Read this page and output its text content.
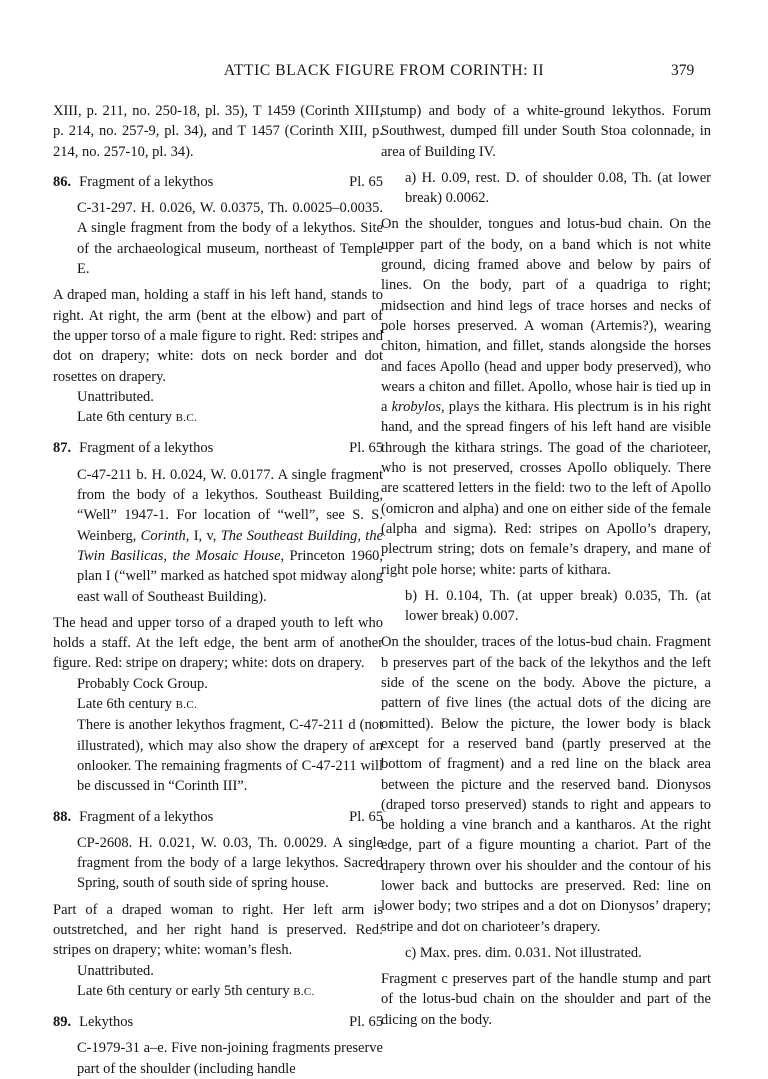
ATTIC BLACK FIGURE FROM CORINTH: II	379

XIII, p. 211, no. 250-18, pl. 35), T 1459 (Corinth XIII, p. 214, no. 257-9, pl. 34), and T 1457 (Corinth XIII, p. 214, no. 257-10, pl. 34).

86. Fragment of a lekythos	Pl. 65

C-31-297. H. 0.026, W. 0.0375, Th. 0.0025–0.0035. A single fragment from the body of a lekythos. Site of the archaeological museum, northeast of Temple E.

A draped man, holding a staff in his left hand, stands to right. At right, the arm (bent at the elbow) and part of the upper torso of a male figure to right. Red: stripes and dot on drapery; white: dots on neck border and dot rosettes on drapery.

Unattributed.

Late 6th century B.C.

87. Fragment of a lekythos	Pl. 65

C-47-211 b. H. 0.024, W. 0.0177. A single fragment from the body of a lekythos. Southeast Building, “Well” 1947-1. For location of “well”, see S. S. Weinberg, Corinth, I, v, The Southeast Building, the Twin Basilicas, the Mosaic House, Princeton 1960, plan I (“well” marked as hatched spot midway along east wall of Southeast Building).

The head and upper torso of a draped youth to left who holds a staff. At the left edge, the bent arm of another figure. Red: stripe on drapery; white: dots on drapery.

Probably Cock Group.

Late 6th century B.C.

There is another lekythos fragment, C-47-211 d (not illustrated), which may also show the drapery of an onlooker. The remaining fragments of C-47-211 will be discussed in “Corinth III”.

88. Fragment of a lekythos	Pl. 65

CP-2608. H. 0.021, W. 0.03, Th. 0.0029. A single fragment from the body of a large lekythos. Sacred Spring, south of south side of spring house.

Part of a draped woman to right. Her left arm is outstretched, and her right hand is preserved. Red: stripes on drapery; white: woman’s flesh.

Unattributed.

Late 6th century or early 5th century B.C.

89. Lekythos	Pl. 65

C-1979-31 a–e. Five non-joining fragments preserve part of the shoulder (including handle

stump) and body of a white-ground lekythos. Forum Southwest, dumped fill under South Stoa colonnade, in area of Building IV.

a) H. 0.09, rest. D. of shoulder 0.08, Th. (at lower break) 0.0062.

On the shoulder, tongues and lotus-bud chain. On the upper part of the body, on a band which is not white ground, dicing framed above and below by pairs of lines. On the body, part of a quadriga to right; midsection and hind legs of trace horses and necks of pole horses preserved. A woman (Artemis?), wearing chiton, himation, and fillet, stands alongside the horses and faces Apollo (head and upper body preserved), who wears a chiton and fillet. Apollo, whose hair is tied up in a krobylos, plays the kithara. His plectrum is in his right hand, and the spread fingers of his left hand are visible through the kithara strings. The goad of the charioteer, who is not preserved, crosses Apollo obliquely. There are scattered letters in the field: two to the left of Apollo (omicron and alpha) and one on either side of the female (alpha and sigma). Red: stripes on Apollo’s drapery, plectrum string; dots on female’s drapery, and mane of right pole horse; white: parts of kithara.

b) H. 0.104, Th. (at upper break) 0.035, Th. (at lower break) 0.007.

On the shoulder, traces of the lotus-bud chain. Fragment b preserves part of the back of the lekythos and the left side of the scene on the body. Above the picture, a pattern of five lines (the actual dots of the dicing are omitted). Below the picture, the lower body is black except for a reserved band (partly preserved at the bottom of fragment) and a red line on the black area between the picture and the reserved band. Dionysos (draped torso preserved) stands to right and appears to be holding a vine branch and a kantharos. At the right edge, part of a figure mounting a chariot. Part of the drapery thrown over his shoulder and the contour of his lower back and buttocks are preserved. Red: line on lower body; two stripes and a dot on Dionysos’ drapery; stripe and dot on charioteer’s drapery.

c) Max. pres. dim. 0.031. Not illustrated.

Fragment c preserves part of the handle stump and part of the lotus-bud chain on the shoulder and part of the dicing on the body.
